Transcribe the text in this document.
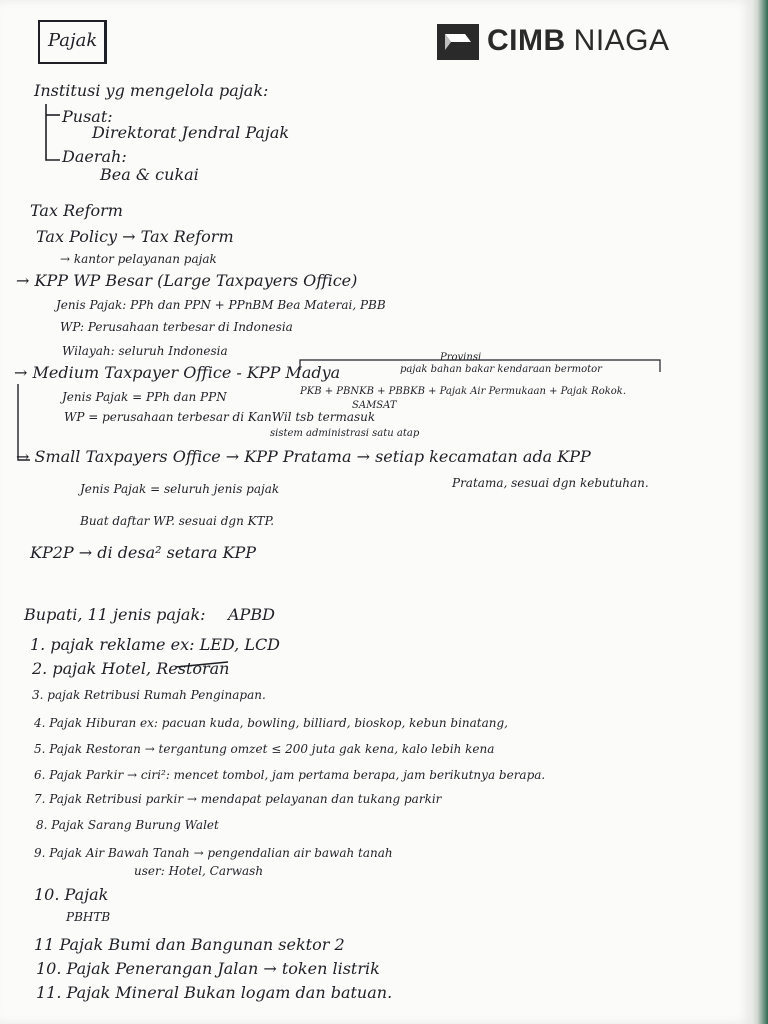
Pajak	CIMB NIAGA
Institusi yg mengelola pajak:
Pusat:
Direktorat Jendral Pajak
Daerah:
Bea & cukai
Tax Reform
Tax Policy → Tax Reform
→ kantor pelayanan pajak
→ KPP WP Besar (Large Taxpayers Office)
Jenis Pajak: PPh dan PPN + PPnBM Bea Materai, PBB
WP: Perusahaan terbesar di Indonesia
Wilayah: seluruh Indonesia	Provinsi
→ Medium Taxpayer Office - KPP Madya	pajak bahan bakar kendaraan bermotor
Jenis Pajak = PPh dan PPN	PKB + PBNKB + PBBKB + Pajak Air Permukaan + Pajak Rokok.
SAMSAT
WP = perusahaan terbesar di KanWil tsb termasuk
sistem administrasi satu atap
→ Small Taxpayers Office → KPP Pratama → setiap kecamatan ada KPP
Pratama, sesuai dgn kebutuhan.
Jenis Pajak = seluruh jenis pajak
Buat daftar WP. sesuai dgn KTP.
KP2P → di desa² setara KPP
Bupati, 11 jenis pajak: APBD
1. pajak reklame ex: LED, LCD
2. pajak Hotel, Restoran
3. pajak Retribusi Rumah Penginapan.
4. Pajak Hiburan ex: pacuan kuda, bowling, billiard, bioskop, kebun binatang,
5. Pajak Restoran → tergantung omzet ≤ 200 juta gak kena, kalo lebih kena
6. Pajak Parkir → ciri²: mencet tombol, jam pertama berapa, jam berikutnya berapa.
7. Pajak Retribusi parkir → mendapat pelayanan dan tukang parkir
8. Pajak Sarang Burung Walet
9. Pajak Air Bawah Tanah → pengendalian air bawah tanah
user: Hotel, Carwash
10. Pajak
PBHTB
11 Pajak Bumi dan Bangunan sektor 2
10. Pajak Penerangan Jalan → token listrik
11. Pajak Mineral Bukan logam dan batuan.
